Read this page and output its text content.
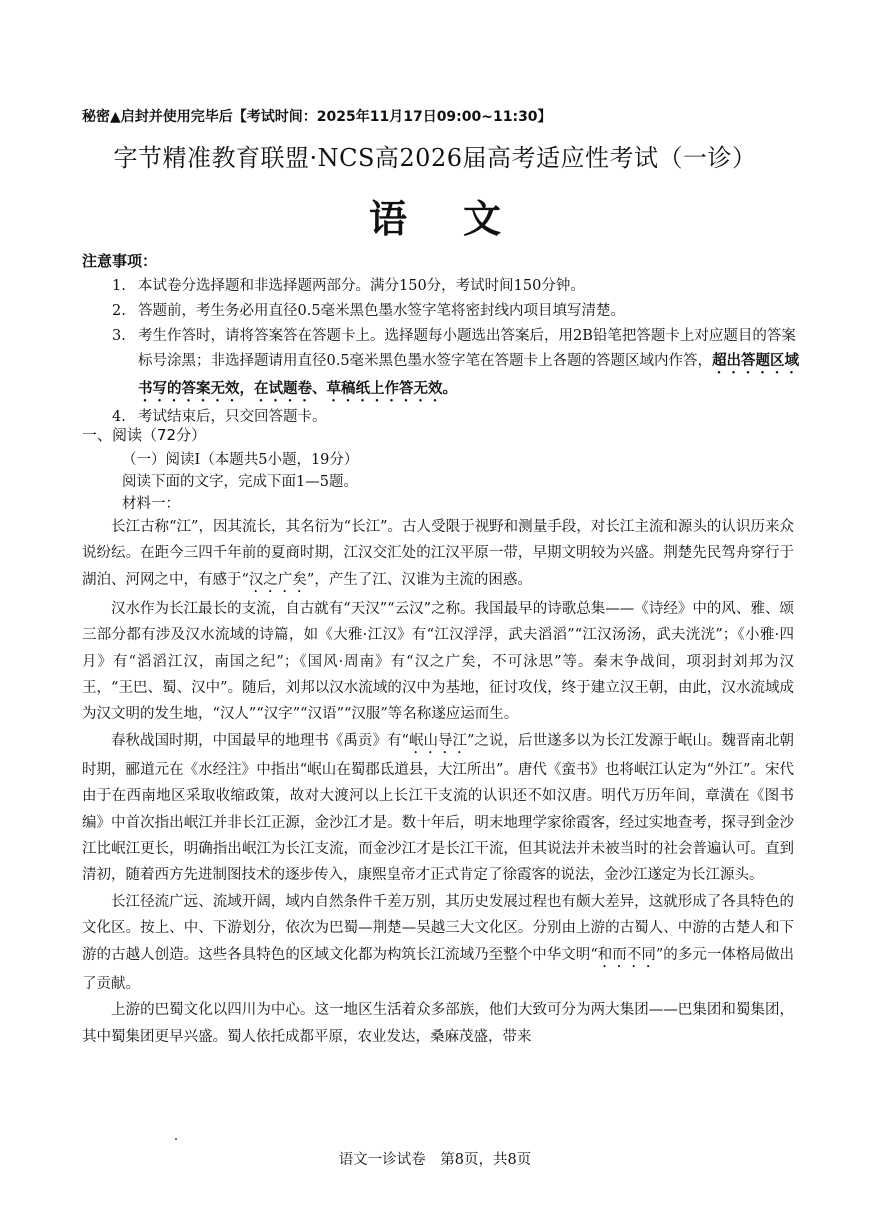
秘密▲启封并使用完毕后【考试时间：2025年11月17日09:00~11:30】
字节精准教育联盟·NCS高2026届高考适应性考试（一诊）
语文
注意事项：
1. 本试卷分选择题和非选择题两部分。满分150分，考试时间150分钟。
2. 答题前，考生务必用直径0.5毫米黑色墨水签字笔将密封线内项目填写清楚。
3. 考生作答时，请将答案答在答题卡上。选择题每小题选出答案后，用2B铅笔把答题卡上对应题目的答案标号涂黑；非选择题请用直径0.5毫米黑色墨水签字笔在答题卡上各题的答题区域内作答，超出答题区域书写的答案无效，在试题卷、草稿纸上作答无效。
4. 考试结束后，只交回答题卡。
一、阅读（72分）
（一）阅读I（本题共5小题，19分）
阅读下面的文字，完成下面1—5题。
材料一：

长江古称“江”，因其流长，其名衍为“长江”。古人受限于视野和测量手段，对长江主流和源头的认识历来众说纷纭。在距今三四千年前的夏商时期，江汉交汇处的江汉平原一带，早期文明较为兴盛。荆楚先民驾舟穿行于湖泊、河网之中，有感于“汉之广矣”，产生了江、汉谁为主流的困惑。

汉水作为长江最长的支流，自古就有“天汉”“云汉”之称。我国最早的诗歌总集——《诗经》中的风、雅、颂三部分都有涉及汉水流域的诗篇，如《大雅·江汉》有“江汉浮浮，武夫滔滔”“江汉汤汤，武夫洸洸”；《小雅·四月》有“滔滔江汉，南国之纪”；《国风·周南》有“汉之广矣，不可泳思”等。秦末争战间，项羽封刘邦为汉王，“王巴、蜀、汉中”。随后，刘邦以汉水流域的汉中为基地，征讨攻伐，终于建立汉王朝，由此，汉水流域成为汉文明的发生地，“汉人”“汉字”“汉语”“汉服”等名称遂应运而生。

春秋战国时期，中国最早的地理书《禹贡》有“岷山导江”之说，后世遂多以为长江发源于岷山。魏晋南北朝时期，郦道元在《水经注》中指出“岷山在蜀郡氐道县，大江所出”。唐代《蛮书》也将岷江认定为“外江”。宋代由于在西南地区采取收缩政策，故对大渡河以上长江干支流的认识还不如汉唐。明代万历年间，章潢在《图书编》中首次指出岷江并非长江正源，金沙江才是。数十年后，明末地理学家徐霞客，经过实地查考，探寻到金沙江比岷江更长，明确指出岷江为长江支流，而金沙江才是长江干流，但其说法并未被当时的社会普遍认可。直到清初，随着西方先进制图技术的逐步传入，康熙皇帝才正式肯定了徐霞客的说法，金沙江遂定为长江源头。

长江径流广远、流域开阔，域内自然条件千差万别，其历史发展过程也有颇大差异，这就形成了各具特色的文化区。按上、中、下游划分，依次为巴蜀—荆楚—吴越三大文化区。分别由上游的古蜀人、中游的古楚人和下游的古越人创造。这些各具特色的区域文化都为构筑长江流域乃至整个中华文明“和而不同”的多元一体格局做出了贡献。

上游的巴蜀文化以四川为中心。这一地区生活着众多部族，他们大致可分为两大集团——巴集团和蜀集团，其中蜀集团更早兴盛。蜀人依托成都平原，农业发达，桑麻茂盛，带来

语文一诊试卷　第8页，共8页
